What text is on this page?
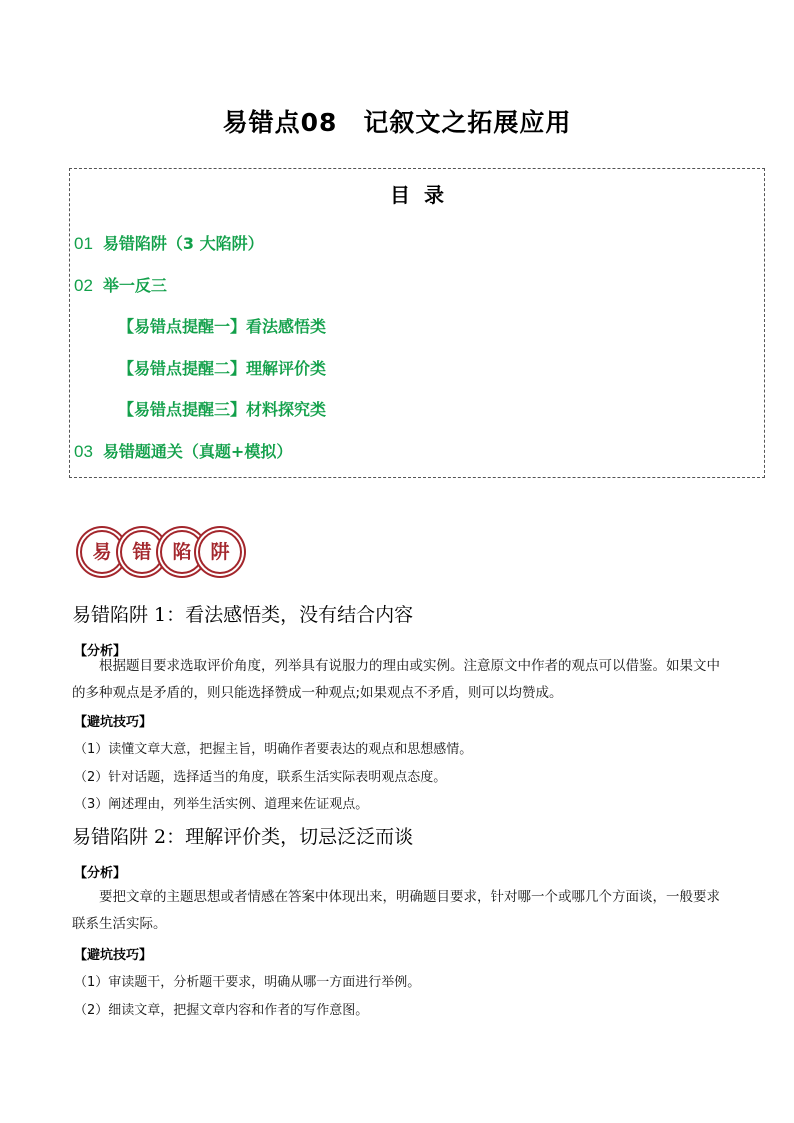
易错点08　记叙文之拓展应用
目录
01 易错陷阱（3 大陷阱）
02 举一反三
【易错点提醒一】看法感悟类
【易错点提醒二】理解评价类
【易错点提醒三】材料探究类
03 易错题通关（真题+模拟）
易	错	陷 阱
易错陷阱 1：看法感悟类，没有结合内容
【分析】
根据题目要求选取评价角度，列举具有说服力的理由或实例。注意原文中作者的观点可以借鉴。如果文中的多种观点是矛盾的，则只能选择赞成一种观点;如果观点不矛盾，则可以均赞成。
【避坑技巧】
（1）读懂文章大意，把握主旨，明确作者要表达的观点和思想感情。
（2）针对话题，选择适当的角度，联系生活实际表明观点态度。
（3）阐述理由，列举生活实例、道理来佐证观点。
易错陷阱 2：理解评价类，切忌泛泛而谈
【分析】
要把文章的主题思想或者情感在答案中体现出来，明确题目要求，针对哪一个或哪几个方面谈，一般要求联系生活实际。
【避坑技巧】
（1）审读题干，分析题干要求，明确从哪一方面进行举例。
（2）细读文章，把握文章内容和作者的写作意图。
